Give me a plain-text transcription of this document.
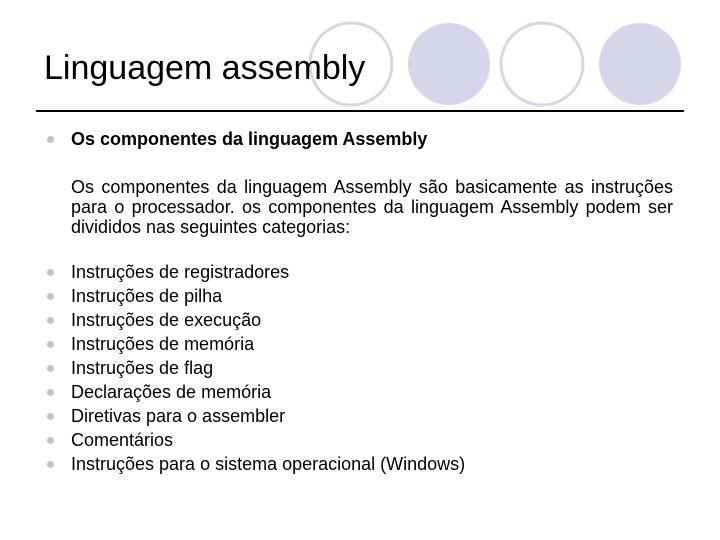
Linguagem assembly

Os componentes da linguagem Assembly

Os componentes da linguagem Assembly são basicamente as instruções para o processador. os componentes da linguagem Assembly podem ser divididos nas seguintes categorias:

Instruções de registradores
Instruções de pilha
Instruções de execução
Instruções de memória
Instruções de flag
Declarações de memória
Diretivas para o assembler
Comentários
Instruções para o sistema operacional (Windows)
